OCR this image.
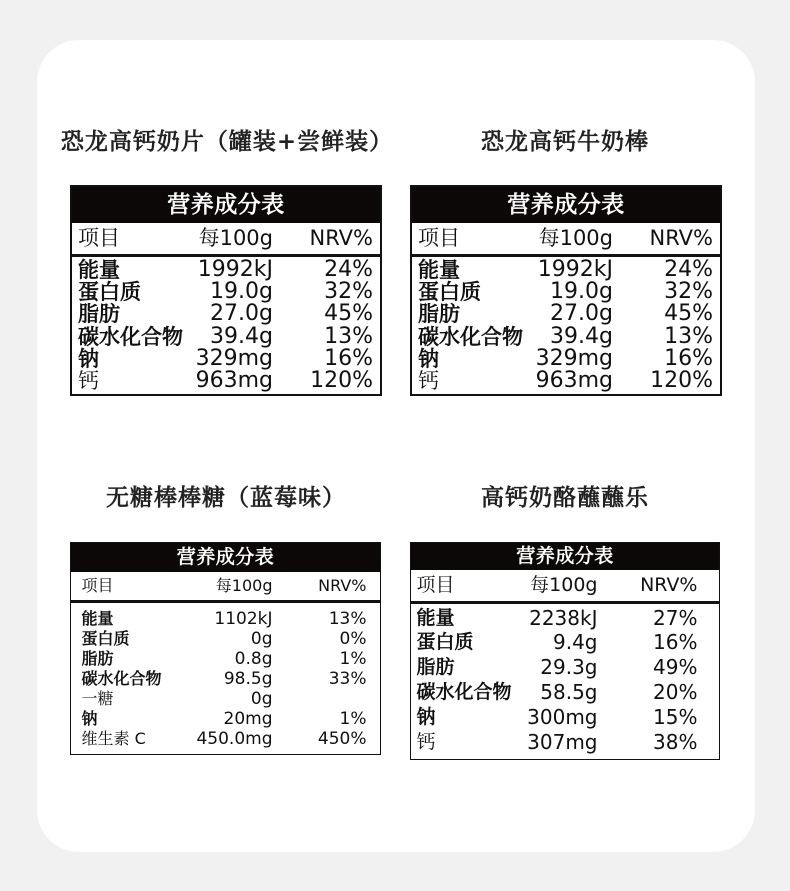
恐龙高钙奶片（罐装+尝鲜装）
营养成分表
项目	每100g	NRV%
能量	1992kJ	24%
蛋白质	19.0g	32%
脂肪	27.0g	45%
碳水化合物	39.4g	13%
钠	329mg	16%
钙	963mg	120%
恐龙高钙牛奶棒
营养成分表
项目	每100g	NRV%
能量	1992kJ	24%
蛋白质	19.0g	32%
脂肪	27.0g	45%
碳水化合物	39.4g	13%
钠	329mg	16%
钙	963mg	120%
无糖棒棒糖（蓝莓味）
营养成分表
项目	每100g	NRV%
能量	1102kJ	13%
蛋白质	0g	0%
脂肪	0.8g	1%
碳水化合物	98.5g	33%
一糖	0g
钠	20mg	1%
维生素 C	450.0mg	450%
高钙奶酪蘸蘸乐
营养成分表
项目	每100g	NRV%
能量	2238kJ	27%
蛋白质	9.4g	16%
脂肪	29.3g	49%
碳水化合物	58.5g	20%
钠	300mg	15%
钙	307mg	38%
